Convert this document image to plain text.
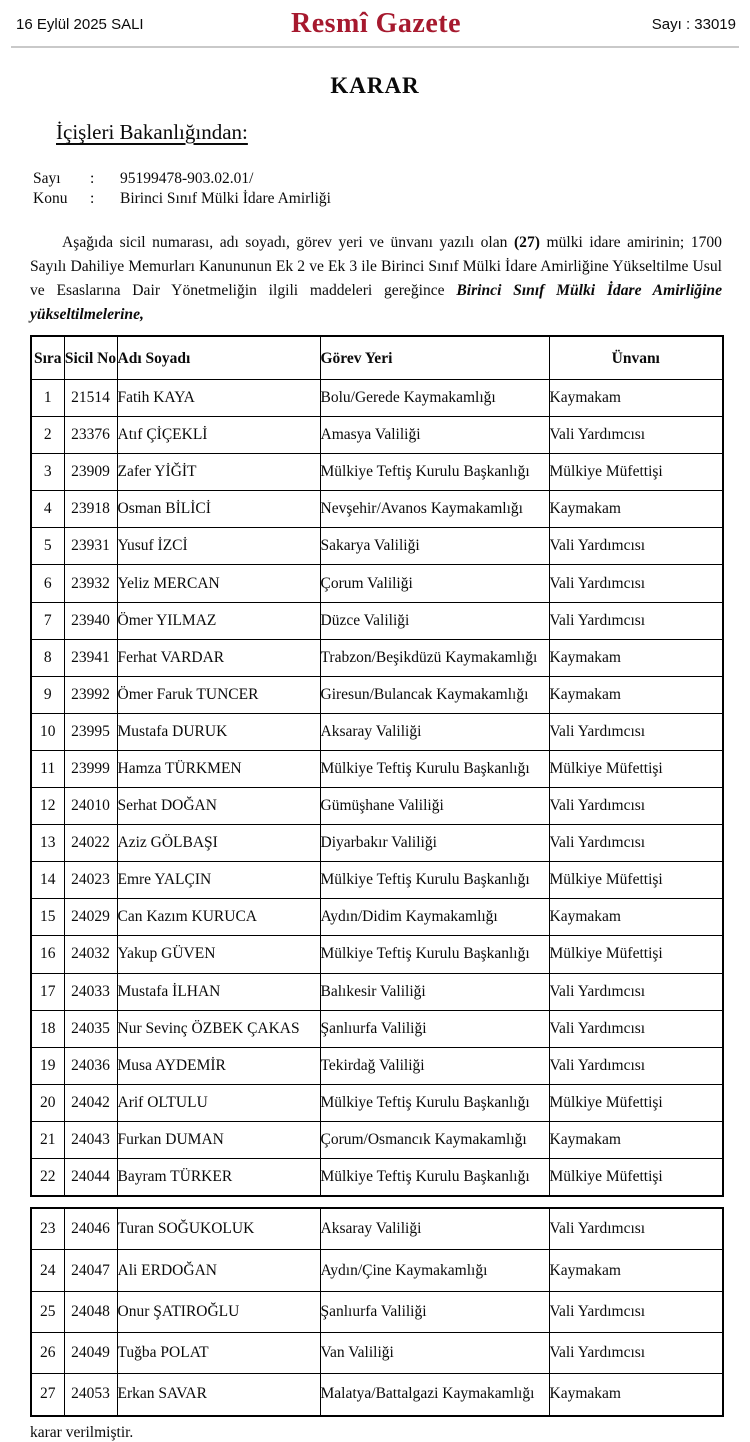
16 Eylül 2025 SALI	Resmî Gazete	Sayı : 33019
KARAR
İçişleri Bakanlığından:
Sayı	:	95199478-903.02.01/
Konu	:	Birinci Sınıf Mülki İdare Amirliği

Aşağıda sicil numarası, adı soyadı, görev yeri ve ünvanı yazılı olan (27) mülki idare amirinin; 1700 Sayılı Dahiliye Memurları Kanununun Ek 2 ve Ek 3 ile Birinci Sınıf Mülki İdare Amirliğine Yükseltilme Usul ve Esaslarına Dair Yönetmeliğin ilgili maddeleri gereğince Birinci Sınıf Mülki İdare Amirliğine yükseltilmelerine,

Sıra	Sicil No	Adı Soyadı	Görev Yeri	Ünvanı
1	21514	Fatih KAYA	Bolu/Gerede Kaymakamlığı	Kaymakam
2	23376	Atıf ÇİÇEKLİ	Amasya Valiliği	Vali Yardımcısı
3	23909	Zafer YİĞİT	Mülkiye Teftiş Kurulu Başkanlığı	Mülkiye Müfettişi
4	23918	Osman BİLİCİ	Nevşehir/Avanos Kaymakamlığı	Kaymakam
5	23931	Yusuf İZCİ	Sakarya Valiliği	Vali Yardımcısı
6	23932	Yeliz MERCAN	Çorum Valiliği	Vali Yardımcısı
7	23940	Ömer YILMAZ	Düzce Valiliği	Vali Yardımcısı
8	23941	Ferhat VARDAR	Trabzon/Beşikdüzü Kaymakamlığı	Kaymakam
9	23992	Ömer Faruk TUNCER	Giresun/Bulancak Kaymakamlığı	Kaymakam
10	23995	Mustafa DURUK	Aksaray Valiliği	Vali Yardımcısı
11	23999	Hamza TÜRKMEN	Mülkiye Teftiş Kurulu Başkanlığı	Mülkiye Müfettişi
12	24010	Serhat DOĞAN	Gümüşhane Valiliği	Vali Yardımcısı
13	24022	Aziz GÖLBAŞI	Diyarbakır Valiliği	Vali Yardımcısı
14	24023	Emre YALÇIN	Mülkiye Teftiş Kurulu Başkanlığı	Mülkiye Müfettişi
15	24029	Can Kazım KURUCA	Aydın/Didim Kaymakamlığı	Kaymakam
16	24032	Yakup GÜVEN	Mülkiye Teftiş Kurulu Başkanlığı	Mülkiye Müfettişi
17	24033	Mustafa İLHAN	Balıkesir Valiliği	Vali Yardımcısı
18	24035	Nur Sevinç ÖZBEK ÇAKAS	Şanlıurfa Valiliği	Vali Yardımcısı
19	24036	Musa AYDEMİR	Tekirdağ Valiliği	Vali Yardımcısı
20	24042	Arif OLTULU	Mülkiye Teftiş Kurulu Başkanlığı	Mülkiye Müfettişi
21	24043	Furkan DUMAN	Çorum/Osmancık Kaymakamlığı	Kaymakam
22	24044	Bayram TÜRKER	Mülkiye Teftiş Kurulu Başkanlığı	Mülkiye Müfettişi
23	24046	Turan SOĞUKOLUK	Aksaray Valiliği	Vali Yardımcısı
24	24047	Ali ERDOĞAN	Aydın/Çine Kaymakamlığı	Kaymakam
25	24048	Onur ŞATIROĞLU	Şanlıurfa Valiliği	Vali Yardımcısı
26	24049	Tuğba POLAT	Van Valiliği	Vali Yardımcısı
27	24053	Erkan SAVAR	Malatya/Battalgazi Kaymakamlığı	Kaymakam
karar verilmiştir.
